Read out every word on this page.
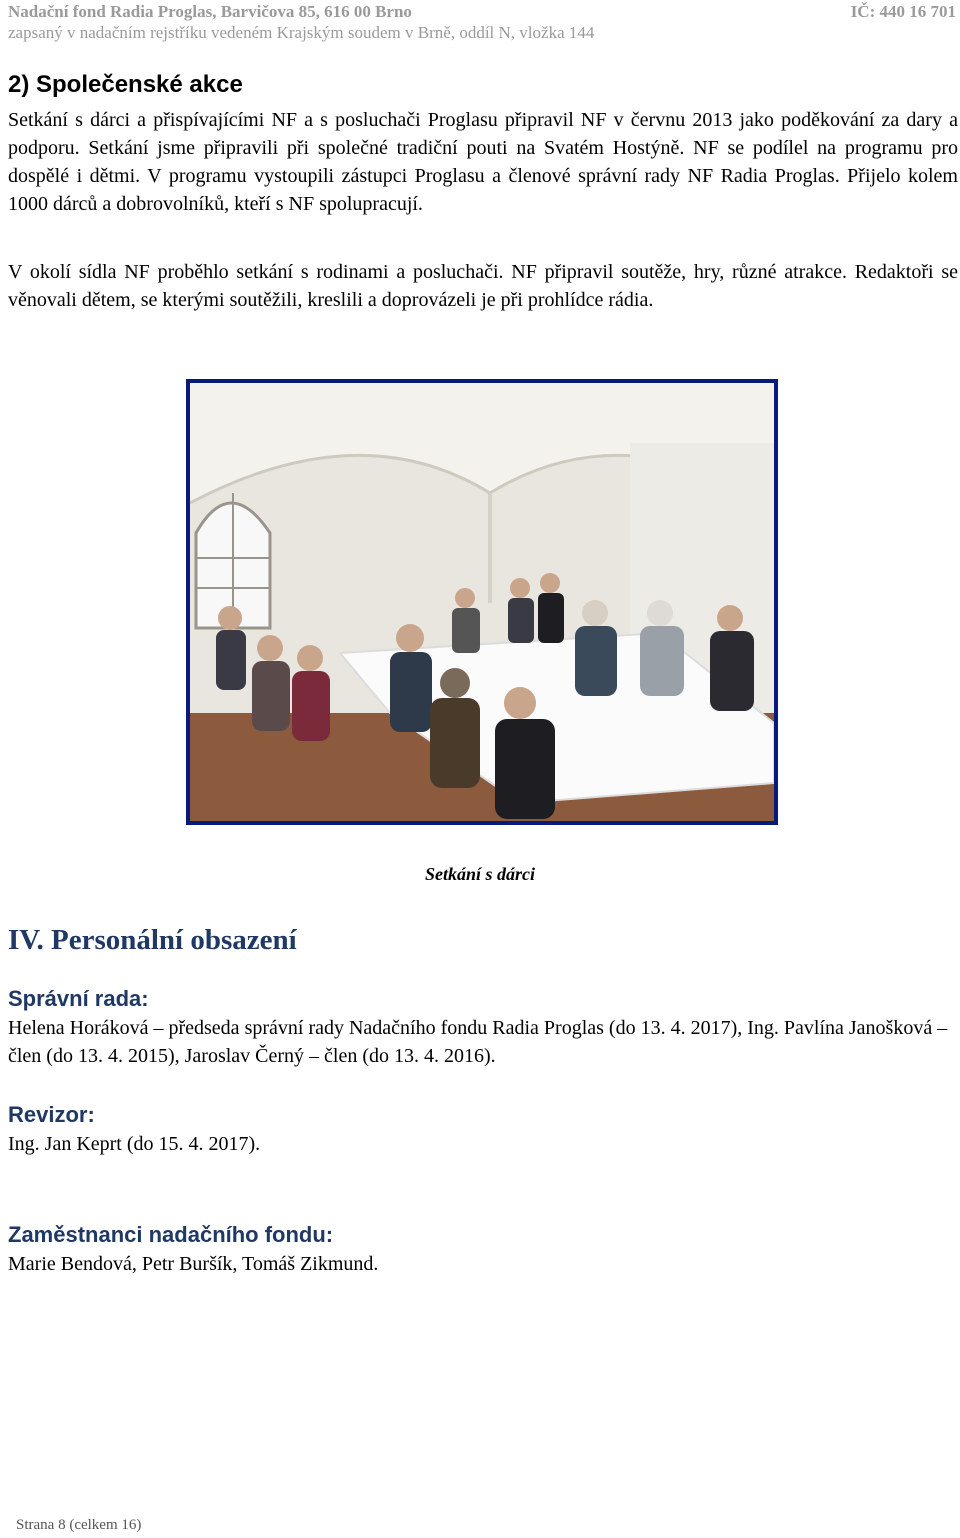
Nadační fond Radia Proglas, Barvičova 85, 616 00 Brno	IČ: 440 16 701
zapsaný v nadačním rejstříku vedeném Krajským soudem v Brně, oddíl N, vložka 144
2) Společenské akce
Setkání s dárci a přispívajícími NF a s posluchači Proglasu připravil NF v červnu 2013 jako poděkování za dary a podporu. Setkání jsme připravili při společné tradiční pouti na Svatém Hostýně. NF se podílel na programu pro dospělé i dětmi. V programu vystoupili zástupci Proglasu a členové správní rady NF Radia Proglas. Přijelo kolem 1000 dárců a dobrovolníků, kteří s NF spolupracují.
V okolí sídla NF proběhlo setkání s rodinami a posluchači. NF připravil soutěže, hry, různé atrakce. Redaktoři se věnovali dětem, se kterými soutěžili, kreslili a doprovázeli je při prohlídce rádia.
Setkání s dárci
IV. Personální obsazení
Správní rada:
Helena Horáková – předseda správní rady Nadačního fondu Radia Proglas (do 13. 4. 2017), Ing. Pavlína Janošková – člen (do 13. 4. 2015), Jaroslav Černý – člen (do 13. 4. 2016).
Revizor:
Ing. Jan Keprt (do 15. 4. 2017).
Zaměstnanci nadačního fondu:
Marie Bendová, Petr Buršík, Tomáš Zikmund.
Strana 8 (celkem 16)
